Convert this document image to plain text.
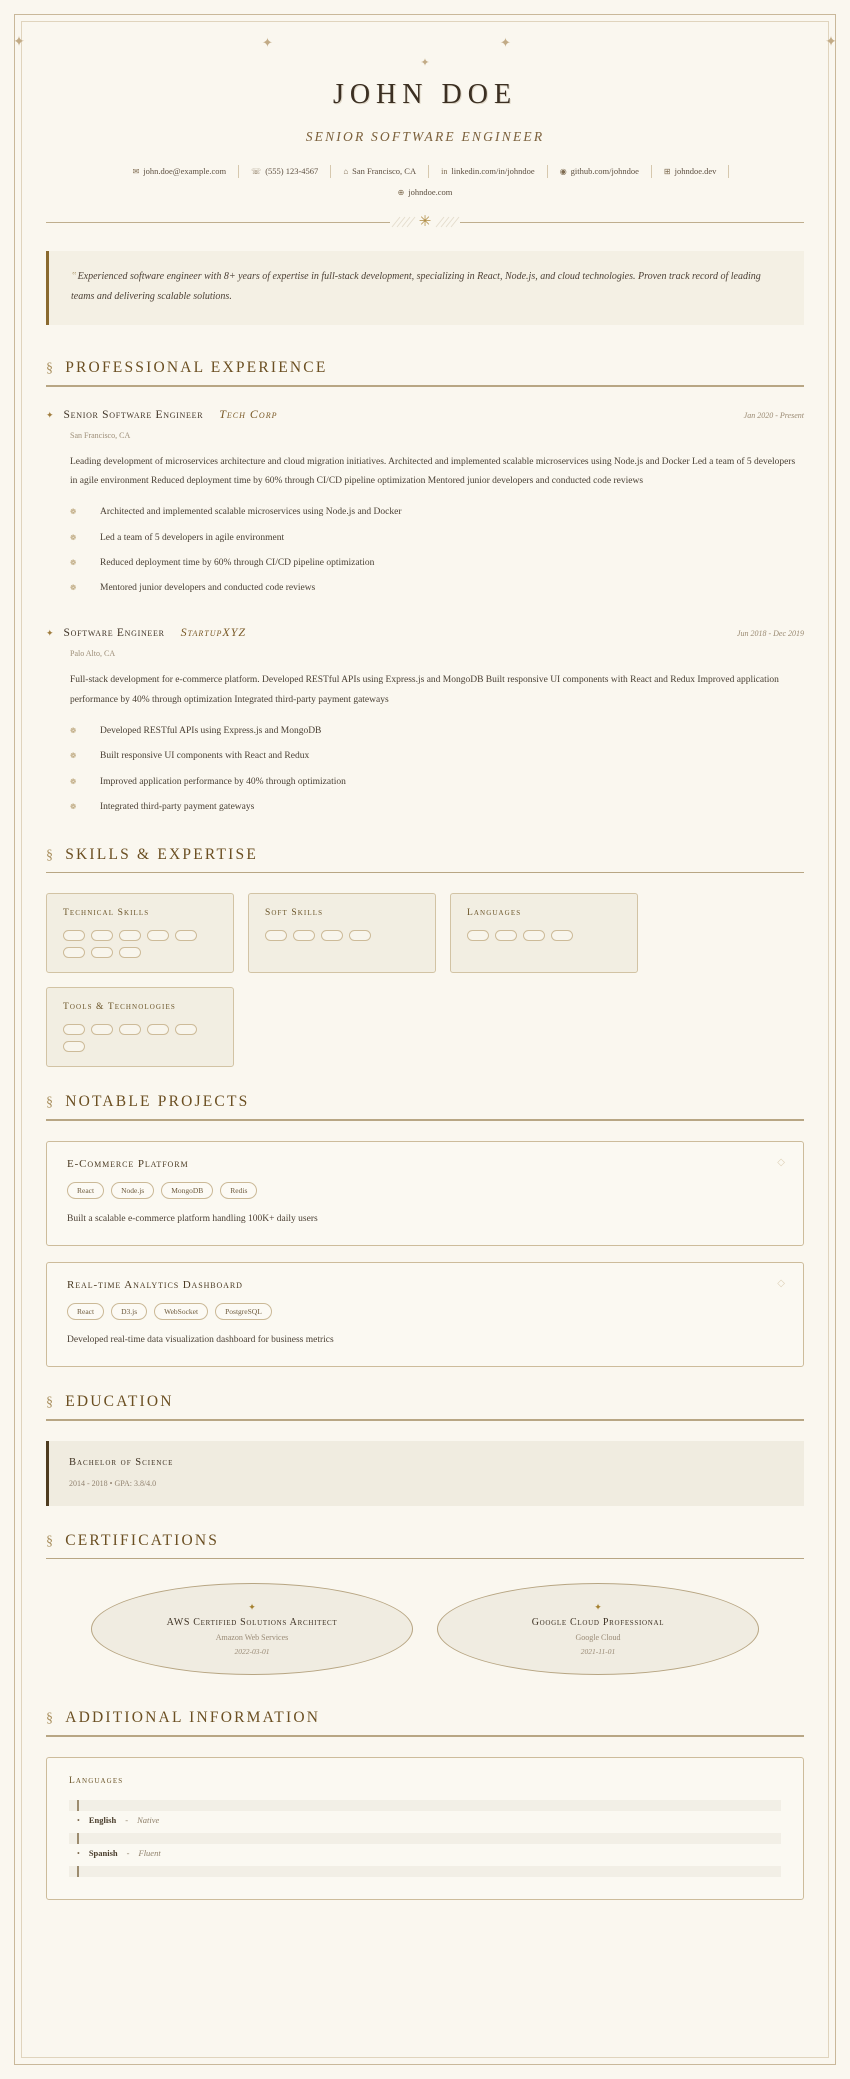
✦	✦
✦	✦
✦
JOHN DOE
SENIOR SOFTWARE ENGINEER
✉ john.doe@example.com	☏ (555) 123-4567	⌂ San Francisco, CA	in linkedin.com/in/johndoe	◉ github.com/johndoe	⊞ johndoe.dev
⊕ johndoe.com
✳
‟Experienced software engineer with 8+ years of expertise in full-stack development, specializing in React, Node.js, and cloud technologies. Proven track record of leading teams and delivering scalable solutions.
§ PROFESSIONAL EXPERIENCE
✦ Senior Software Engineer Tech Corp	Jan 2020 - Present
San Francisco, CA
Leading development of microservices architecture and cloud migration initiatives. Architected and implemented scalable microservices using Node.js and Docker Led a team of 5 developers in agile environment Reduced deployment time by 60% through CI/CD pipeline optimization Mentored junior developers and conducted code reviews
❁ Architected and implemented scalable microservices using Node.js and Docker
❁ Led a team of 5 developers in agile environment
❁ Reduced deployment time by 60% through CI/CD pipeline optimization
❁ Mentored junior developers and conducted code reviews
✦ Software Engineer StartupXYZ	Jun 2018 - Dec 2019
Palo Alto, CA
Full-stack development for e-commerce platform. Developed RESTful APIs using Express.js and MongoDB Built responsive UI components with React and Redux Improved application performance by 40% through optimization Integrated third-party payment gateways
❁ Developed RESTful APIs using Express.js and MongoDB
❁ Built responsive UI components with React and Redux
❁ Improved application performance by 40% through optimization
❁ Integrated third-party payment gateways
§ SKILLS & EXPERTISE
Technical Skills	Soft Skills	Languages
Tools & Technologies
§ NOTABLE PROJECTS
◇
E-Commerce Platform
React	Node.js	MongoDB	Redis
Built a scalable e-commerce platform handling 100K+ daily users
◇
Real-time Analytics Dashboard
React	D3.js	WebSocket	PostgreSQL
Developed real-time data visualization dashboard for business metrics
§ EDUCATION
Bachelor of Science
2014 - 2018 • GPA: 3.8/4.0
§ CERTIFICATIONS
✦
AWS Certified Solutions Architect
Amazon Web Services
2022-03-01
✦
Google Cloud Professional
Google Cloud
2021-11-01
§ ADDITIONAL INFORMATION
Languages
• English - Native
• Spanish - Fluent
